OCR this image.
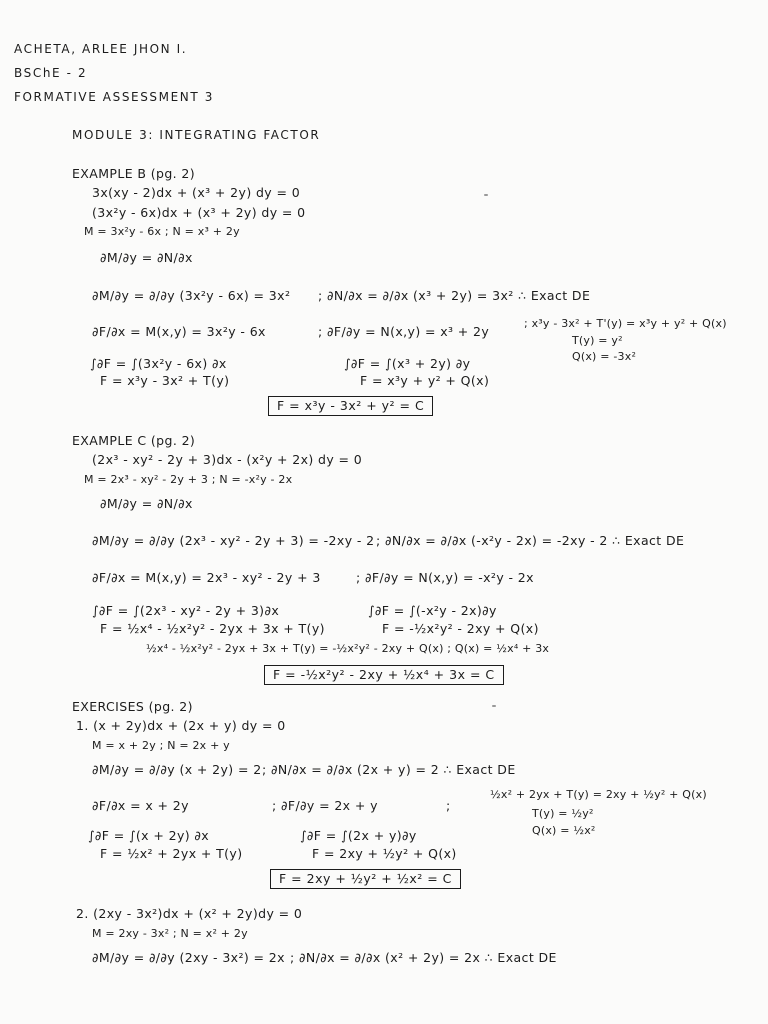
ACHETA, ARLEE JHON I.
BSChE - 2
FORMATIVE ASSESSMENT 3
MODULE 3: INTEGRATING FACTOR
EXAMPLE B (pg. 2)
3x(xy - 2)dx + (x³ + 2y) dy = 0
(3x²y - 6x)dx + (x³ + 2y) dy = 0
M = 3x²y - 6x ; N = x³ + 2y
∂M/∂y = ∂N/∂x
∂M/∂y = ∂/∂y (3x²y - 6x) = 3x² ; ∂N/∂x = ∂/∂x (x³ + 2y) = 3x² ∴ Exact DE
∂F/∂x = M(x,y) = 3x²y - 6x	; ∂F/∂y = N(x,y) = x³ + 2y
; x³y - 3x² + T'(y) = x³y + y² + Q(x)
T(y) = y²
Q(x) = -3x²
∫∂F = ∫(3x²y - 6x) ∂x	∫∂F = ∫(x³ + 2y) ∂y
F = x³y - 3x² + T(y)	F = x³y + y² + Q(x)
F = x³y - 3x² + y² = C
EXAMPLE C (pg. 2)
(2x³ - xy² - 2y + 3)dx - (x²y + 2x) dy = 0
M = 2x³ - xy² - 2y + 3 ; N = -x²y - 2x
∂M/∂y = ∂N/∂x
∂M/∂y = ∂/∂y (2x³ - xy² - 2y + 3) = -2xy - 2 ; ∂N/∂x = ∂/∂x (-x²y - 2x) = -2xy - 2 ∴ Exact DE
∂F/∂x = M(x,y) = 2x³ - xy² - 2y + 3	; ∂F/∂y = N(x,y) = -x²y - 2x
∫∂F = ∫(2x³ - xy² - 2y + 3)∂x	∫∂F = ∫(-x²y - 2x)∂y
F = ½x⁴ - ½x²y² - 2yx + 3x + T(y)	F = -½x²y² - 2xy + Q(x)
½x⁴ - ½x²y² - 2yx + 3x + T(y) = -½x²y² - 2xy + Q(x) ; Q(x) = ½x⁴ + 3x
F = -½x²y² - 2xy + ½x⁴ + 3x = C
EXERCISES (pg. 2)
1. (x + 2y)dx + (2x + y) dy = 0
M = x + 2y ; N = 2x + y
∂M/∂y = ∂/∂y (x + 2y) = 2 ; ∂N/∂x = ∂/∂x (2x + y) = 2 ∴ Exact DE
∂F/∂x = x + 2y	; ∂F/∂y = 2x + y	;
½x² + 2yx + T(y) = 2xy + ½y² + Q(x)
T(y) = ½y²
Q(x) = ½x²
∫∂F = ∫(x + 2y) ∂x	∫∂F = ∫(2x + y)∂y
F = ½x² + 2yx + T(y)	F = 2xy + ½y² + Q(x)
F = 2xy + ½y² + ½x² = C
2. (2xy - 3x²)dx + (x² + 2y)dy = 0
M = 2xy - 3x² ; N = x² + 2y
∂M/∂y = ∂/∂y (2xy - 3x²) = 2x ; ∂N/∂x = ∂/∂x (x² + 2y) = 2x ∴ Exact DE
